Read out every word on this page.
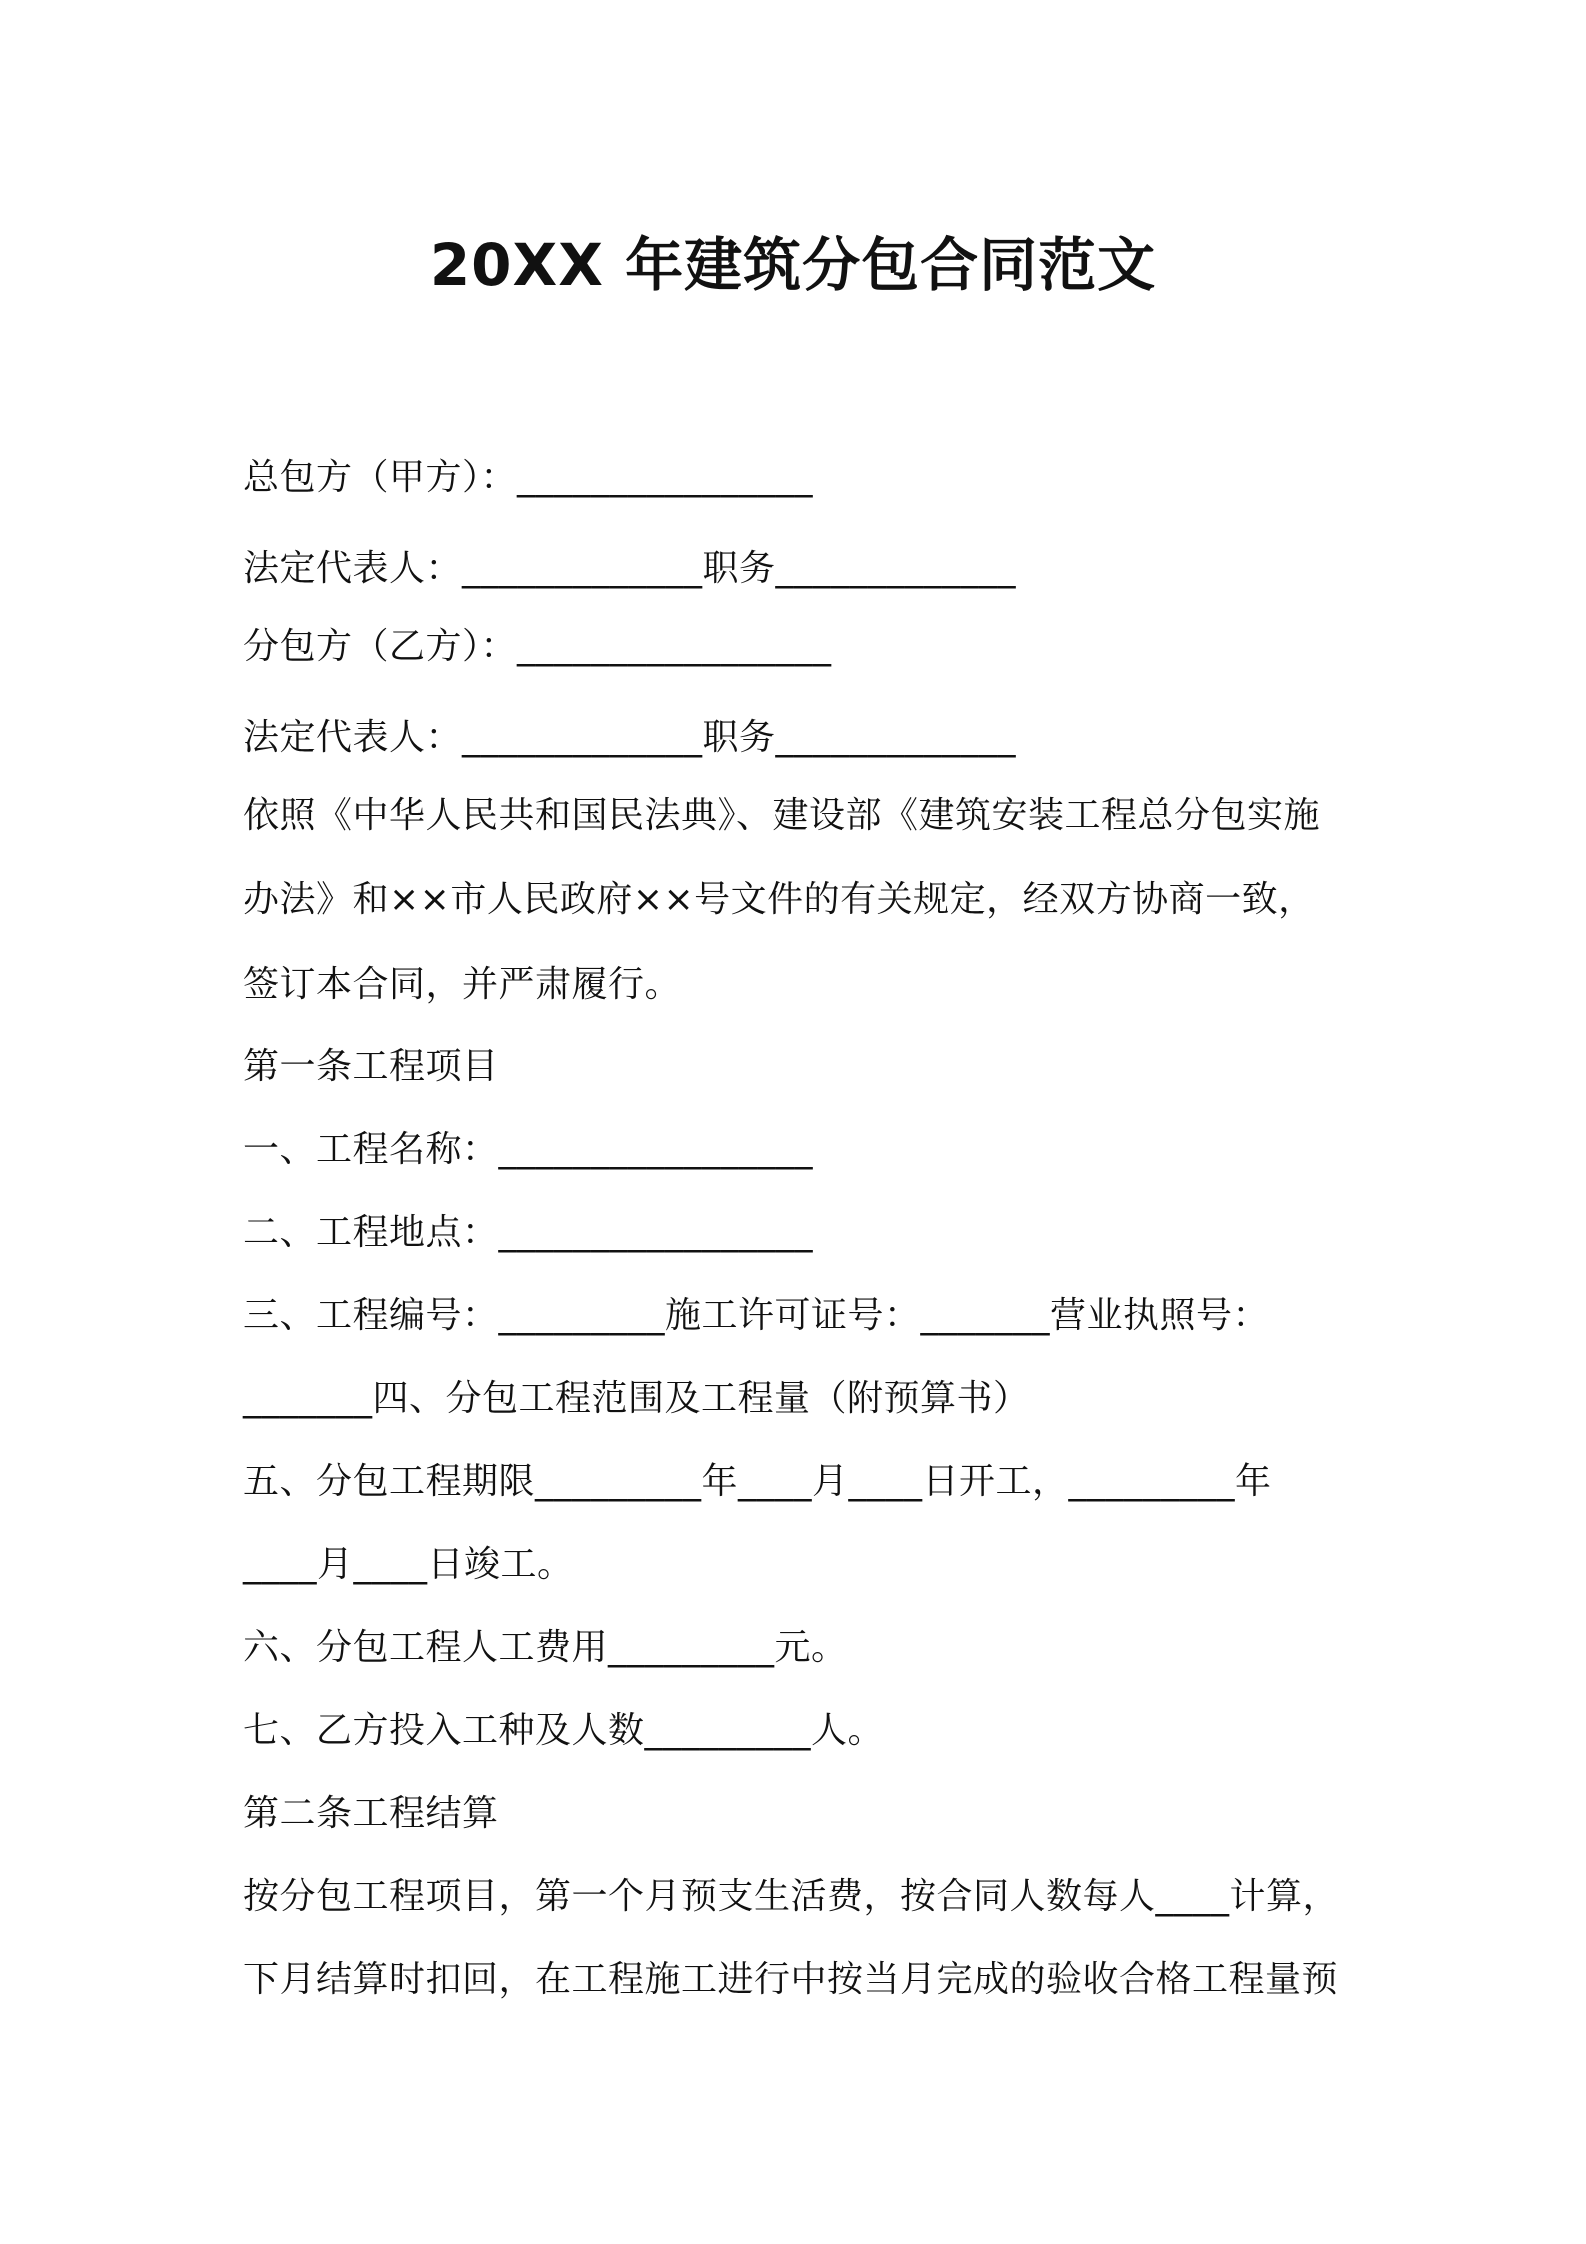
20XX 年建筑分包合同范文
总包方（甲方）：________________
法定代表人：_____________职务_____________
分包方（乙方）：_________________
法定代表人：_____________职务_____________
依照《中华人民共和国民法典》、建设部《建筑安装工程总分包实施
办法》和××市人民政府××号文件的有关规定，经双方协商一致，
签订本合同，并严肃履行。
第一条工程项目
一、工程名称：_________________
二、工程地点：_________________
三、工程编号：_________施工许可证号：_______营业执照号：
_______四、分包工程范围及工程量（附预算书）
五、分包工程期限_________年____月____日开工，_________年
____月____日竣工。
六、分包工程人工费用_________元。
七、乙方投入工种及人数_________人。
第二条工程结算
按分包工程项目，第一个月预支生活费，按合同人数每人____计算，
下月结算时扣回，在工程施工进行中按当月完成的验收合格工程量预
